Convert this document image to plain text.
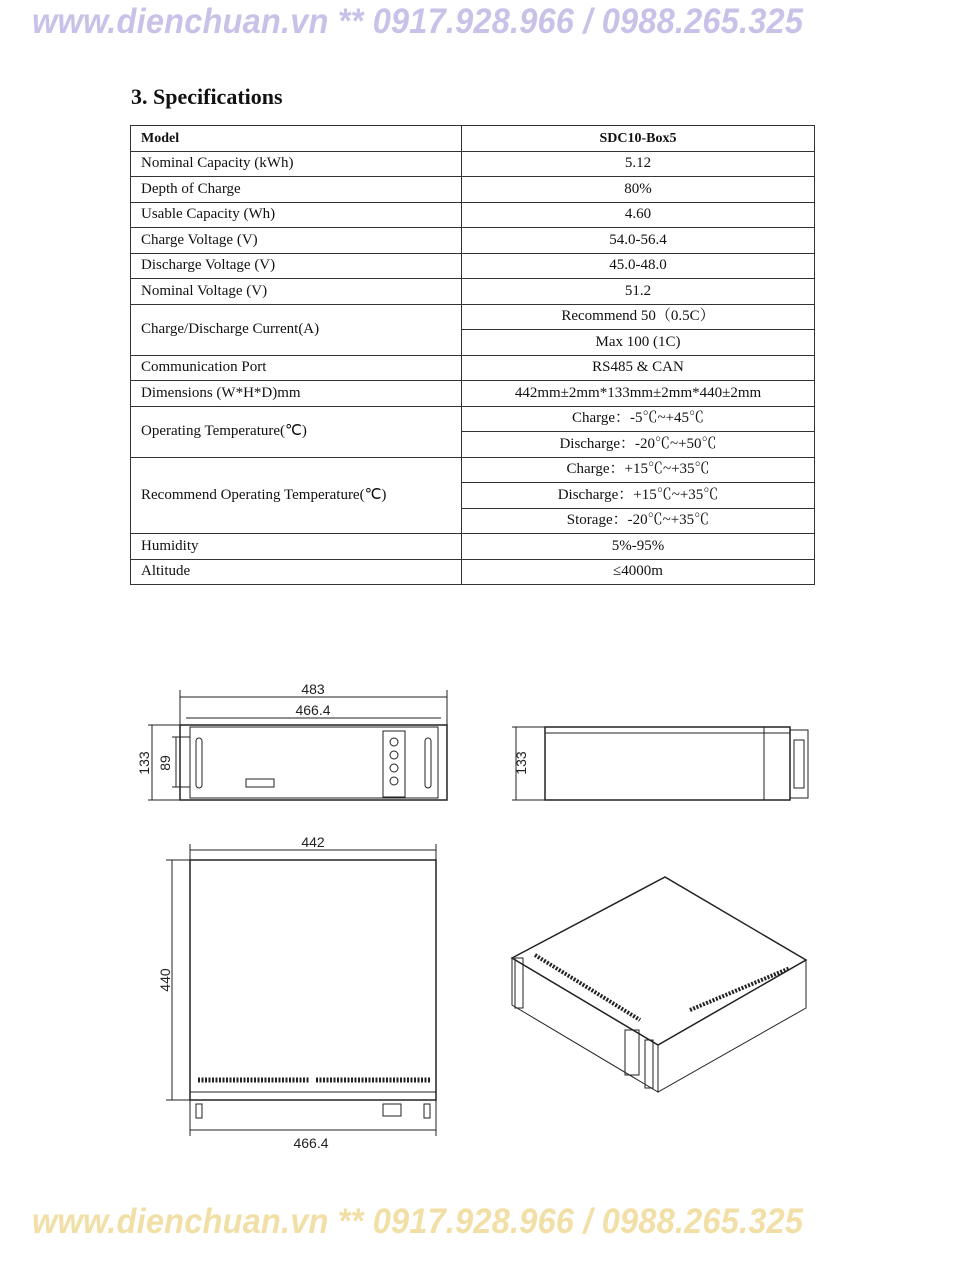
www.dienchuan.vn ** 0917.928.966 / 0988.265.325
3. Specifications
Model	SDC10-Box5
Nominal Capacity (kWh)	5.12
Depth of Charge	80%
Usable Capacity (Wh)	4.60
Charge Voltage (V)	54.0-56.4
Discharge Voltage (V)	45.0-48.0
Nominal Voltage (V)	51.2
Charge/Discharge Current(A)	Recommend 50（0.5C）
	Max 100 (1C)
Communication Port	RS485 & CAN
Dimensions (W*H*D)mm	442mm±2mm*133mm±2mm*440±2mm
Operating Temperature(℃)	Charge：-5℃~+45℃
	Discharge：-20℃~+50℃
Recommend Operating Temperature(℃)	Charge：+15℃~+35℃
	Discharge：+15℃~+35℃
	Storage：-20℃~+35℃
Humidity	5%-95%
Altitude	≤4000m
483
466.4
133 89	133
442
440
466.4
www.dienchuan.vn ** 0917.928.966 / 0988.265.325
